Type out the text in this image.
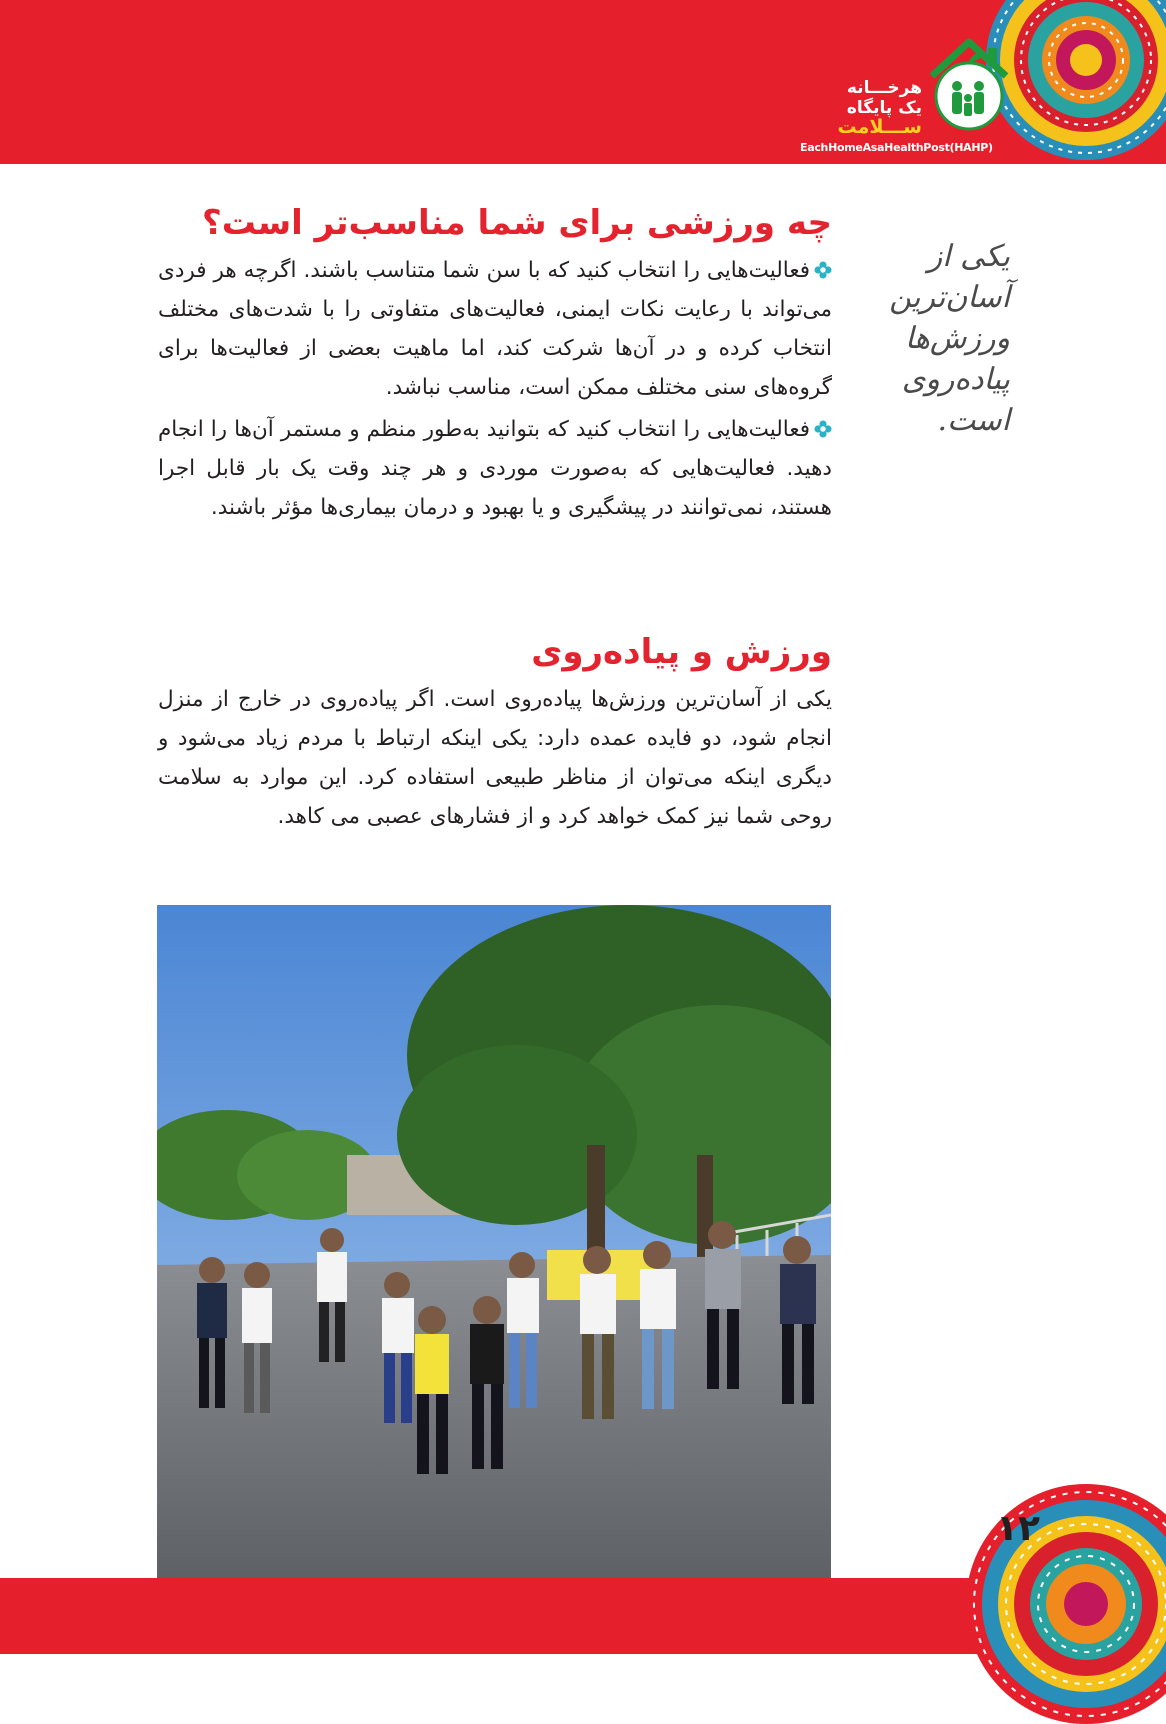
هرخـــانه
یک پایگاه
ســـلامت
EachHomeAsaHealthPost(HAHP)
یکی از
آسان‌ترین
ورزش‌ها
پیاده‌روی
است.
چه ورزشی برای شما مناسب‌تر است؟

فعالیت‌هایی را انتخاب کنید که با سن شما متناسب باشند. اگرچه هر فردی می‌تواند با رعایت نکات ایمنی، فعالیت‌های متفاوتی را با شدت‌های مختلف انتخاب کرده و در آن‌ها شرکت کند، اما ماهیت بعضی از فعالیت‌ها برای گروه‌های سنی مختلف ممکن است، مناسب نباشد.

فعالیت‌هایی را انتخاب کنید که بتوانید به‌طور منظم و مستمر آن‌ها را انجام دهید. فعالیت‌هایی که به‌صورت موردی و هر چند وقت یک بار قابل اجرا هستند، نمی‌توانند در پیشگیری و یا بهبود و درمان بیماری‌ها مؤثر باشند.

ورزش و پیاده‌روی

یکی از آسان‌ترین ورزش‌ها پیاده‌روی است. اگر پیاده‌روی در خارج از منزل انجام شود، دو فایده عمده دارد: یکی اینکه ارتباط با مردم زیاد می‌شود و دیگری اینکه می‌توان از مناظر طبیعی استفاده کرد. این موارد به سلامت روحی شما نیز کمک خواهد کرد و از فشارهای عصبی می کاهد.

۱۲
